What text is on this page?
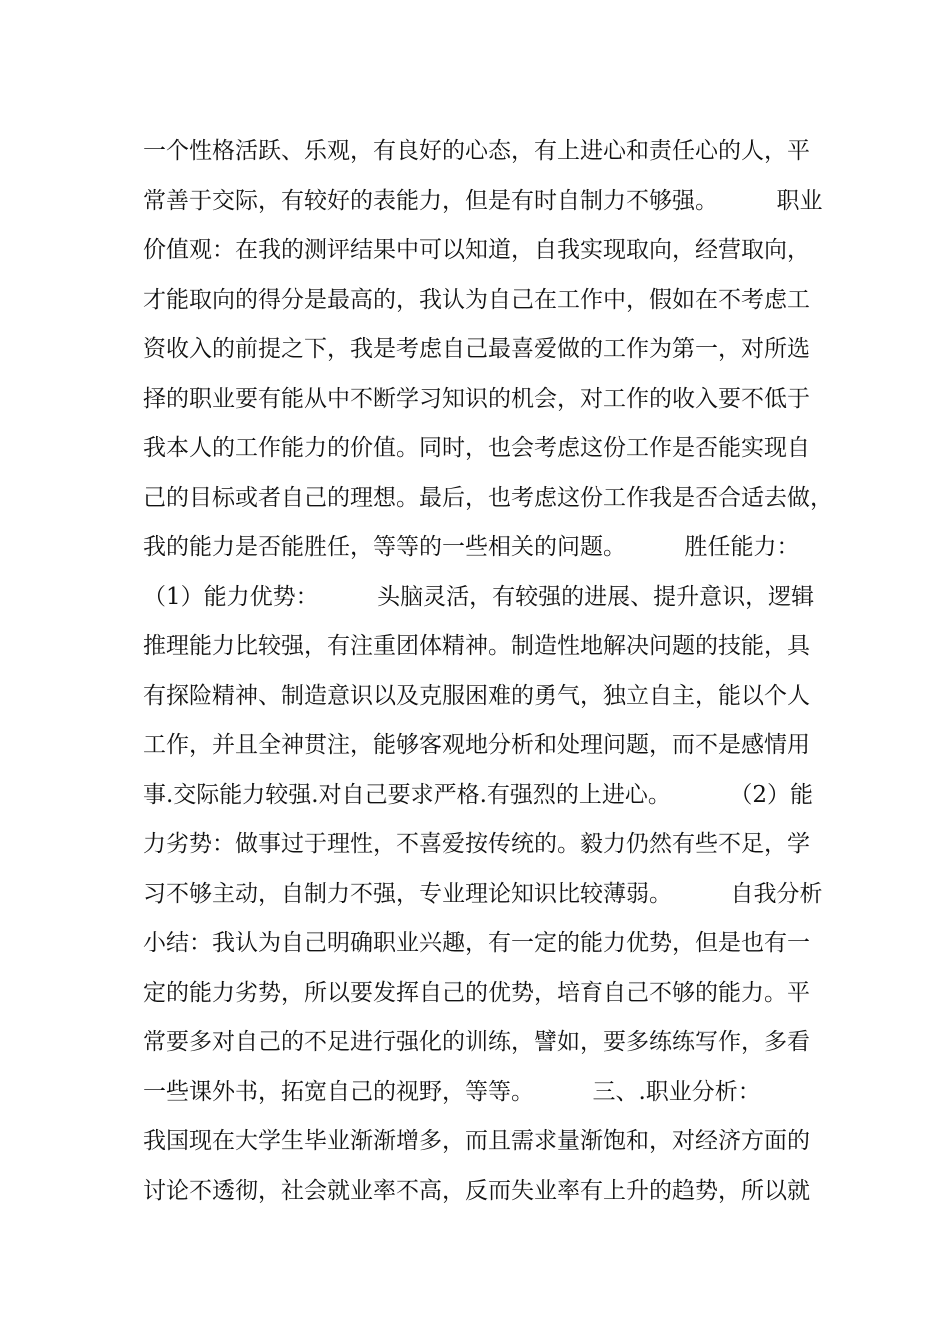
一个性格活跃、乐观，有良好的心态，有上进心和责任心的人，平
常善于交际，有较好的表能力，但是有时自制力不够强。        职业
价值观：在我的测评结果中可以知道，自我实现取向，经营取向，
才能取向的得分是最高的，我认为自己在工作中，假如在不考虑工
资收入的前提之下，我是考虑自己最喜爱做的工作为第一，对所选
择的职业要有能从中不断学习知识的机会，对工作的收入要不低于
我本人的工作能力的价值。同时，也会考虑这份工作是否能实现自
己的目标或者自己的理想。最后，也考虑这份工作我是否合适去做，
我的能力是否能胜任，等等的一些相关的问题。        胜任能力：
（1）能力优势：        头脑灵活，有较强的进展、提升意识，逻辑
推理能力比较强，有注重团体精神。制造性地解决问题的技能，具
有探险精神、制造意识以及克服困难的勇气，独立自主，能以个人
工作，并且全神贯注，能够客观地分析和处理问题，而不是感情用
事.交际能力较强.对自己要求严格.有强烈的上进心。        （2）能
力劣势：做事过于理性，不喜爱按传统的。毅力仍然有些不足，学
习不够主动，自制力不强，专业理论知识比较薄弱。        自我分析
小结：我认为自己明确职业兴趣，有一定的能力优势，但是也有一
定的能力劣势，所以要发挥自己的优势，培育自己不够的能力。平
常要多对自己的不足进行强化的训练，譬如，要多练练写作，多看
一些课外书，拓宽自己的视野，等等。        三、.职业分析：
我国现在大学生毕业渐渐增多，而且需求量渐饱和，对经济方面的
讨论不透彻，社会就业率不高，反而失业率有上升的趋势，所以就
